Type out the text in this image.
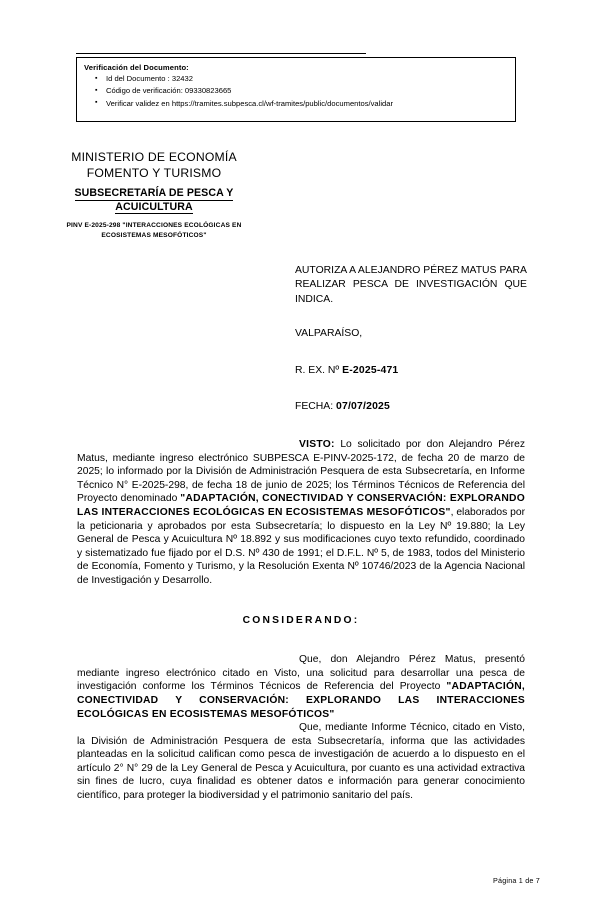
Verificación del Documento:
▪ Id del Documento : 32432
▪ Código de verificación: 09330823665
▪ Verificar validez en https://tramites.subpesca.cl/wf-tramites/public/documentos/validar
MINISTERIO DE ECONOMÍA
FOMENTO Y TURISMO
SUBSECRETARÍA DE PESCA Y
ACUICULTURA
PINV E-2025-298 "INTERACCIONES ECOLÓGICAS EN
ECOSISTEMAS MESOFÓTICOS"
AUTORIZA A ALEJANDRO PÉREZ MATUS PARA REALIZAR PESCA DE INVESTIGACIÓN QUE INDICA.
VALPARAÍSO,
R. EX. Nº E-2025-471
FECHA: 07/07/2025

VISTO: Lo solicitado por don Alejandro Pérez Matus, mediante ingreso electrónico SUBPESCA E-PINV-2025-172, de fecha 20 de marzo de 2025; lo informado por la División de Administración Pesquera de esta Subsecretaría, en Informe Técnico N° E-2025-298, de fecha 18 de junio de 2025; los Términos Técnicos de Referencia del Proyecto denominado "ADAPTACIÓN, CONECTIVIDAD Y CONSERVACIÓN: EXPLORANDO LAS INTERACCIONES ECOLÓGICAS EN ECOSISTEMAS MESOFÓTICOS", elaborados por la peticionaria y aprobados por esta Subsecretaría; lo dispuesto en la Ley Nº 19.880; la Ley General de Pesca y Acuicultura Nº 18.892 y sus modificaciones cuyo texto refundido, coordinado y sistematizado fue fijado por el D.S. Nº 430 de 1991; el D.F.L. Nº 5, de 1983, todos del Ministerio de Economía, Fomento y Turismo, y la Resolución Exenta Nº 10746/2023 de la Agencia Nacional de Investigación y Desarrollo.

CONSIDERANDO:

Que, don Alejandro Pérez Matus, presentó mediante ingreso electrónico citado en Visto, una solicitud para desarrollar una pesca de investigación conforme los Términos Técnicos de Referencia del Proyecto "ADAPTACIÓN, CONECTIVIDAD Y CONSERVACIÓN: EXPLORANDO LAS INTERACCIONES ECOLÓGICAS EN ECOSISTEMAS MESOFÓTICOS"

Que, mediante Informe Técnico, citado en Visto, la División de Administración Pesquera de esta Subsecretaría, informa que las actividades planteadas en la solicitud califican como pesca de investigación de acuerdo a lo dispuesto en el artículo 2° N° 29 de la Ley General de Pesca y Acuicultura, por cuanto es una actividad extractiva sin fines de lucro, cuya finalidad es obtener datos e información para generar conocimiento científico, para proteger la biodiversidad y el patrimonio sanitario del país.

Página 1 de 7
